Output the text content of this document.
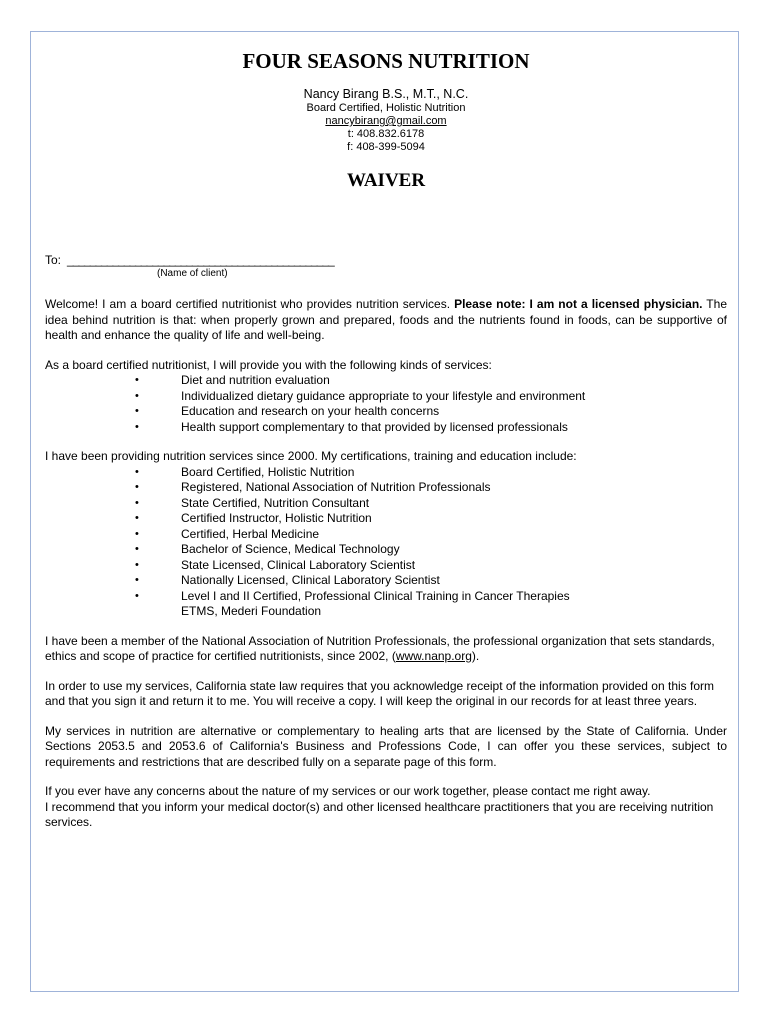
FOUR SEASONS NUTRITION
Nancy Birang B.S., M.T., N.C.
Board Certified, Holistic Nutrition
nancybirang@gmail.com
t: 408.832.6178
f: 408-399-5094
WAIVER
To: _______________________________________________
(Name of client)

Welcome! I am a board certified nutritionist who provides nutrition services. Please note: I am not a licensed physician. The idea behind nutrition is that: when properly grown and prepared, foods and the nutrients found in foods, can be supportive of health and enhance the quality of life and well-being.

As a board certified nutritionist, I will provide you with the following kinds of services:

•	Diet and nutrition evaluation
•	Individualized dietary guidance appropriate to your lifestyle and environment
•	Education and research on your health concerns
•	Health support complementary to that provided by licensed professionals

I have been providing nutrition services since 2000. My certifications, training and education include:

•	Board Certified, Holistic Nutrition
•	Registered, National Association of Nutrition Professionals
•	State Certified, Nutrition Consultant
•	Certified Instructor, Holistic Nutrition
•	Certified, Herbal Medicine
•	Bachelor of Science, Medical Technology
•	State Licensed, Clinical Laboratory Scientist
•	Nationally Licensed, Clinical Laboratory Scientist
•	Level I and II Certified, Professional Clinical Training in Cancer Therapies
ETMS, Mederi Foundation

I have been a member of the National Association of Nutrition Professionals, the professional organization that sets standards, ethics and scope of practice for certified nutritionists, since 2002, (www.nanp.org).

In order to use my services, California state law requires that you acknowledge receipt of the information provided on this form and that you sign it and return it to me. You will receive a copy. I will keep the original in our records for at least three years.

My services in nutrition are alternative or complementary to healing arts that are licensed by the State of California. Under Sections 2053.5 and 2053.6 of California's Business and Professions Code, I can offer you these services, subject to requirements and restrictions that are described fully on a separate page of this form.

If you ever have any concerns about the nature of my services or our work together, please contact me right away.
I recommend that you inform your medical doctor(s) and other licensed healthcare practitioners that you are receiving nutrition services.
